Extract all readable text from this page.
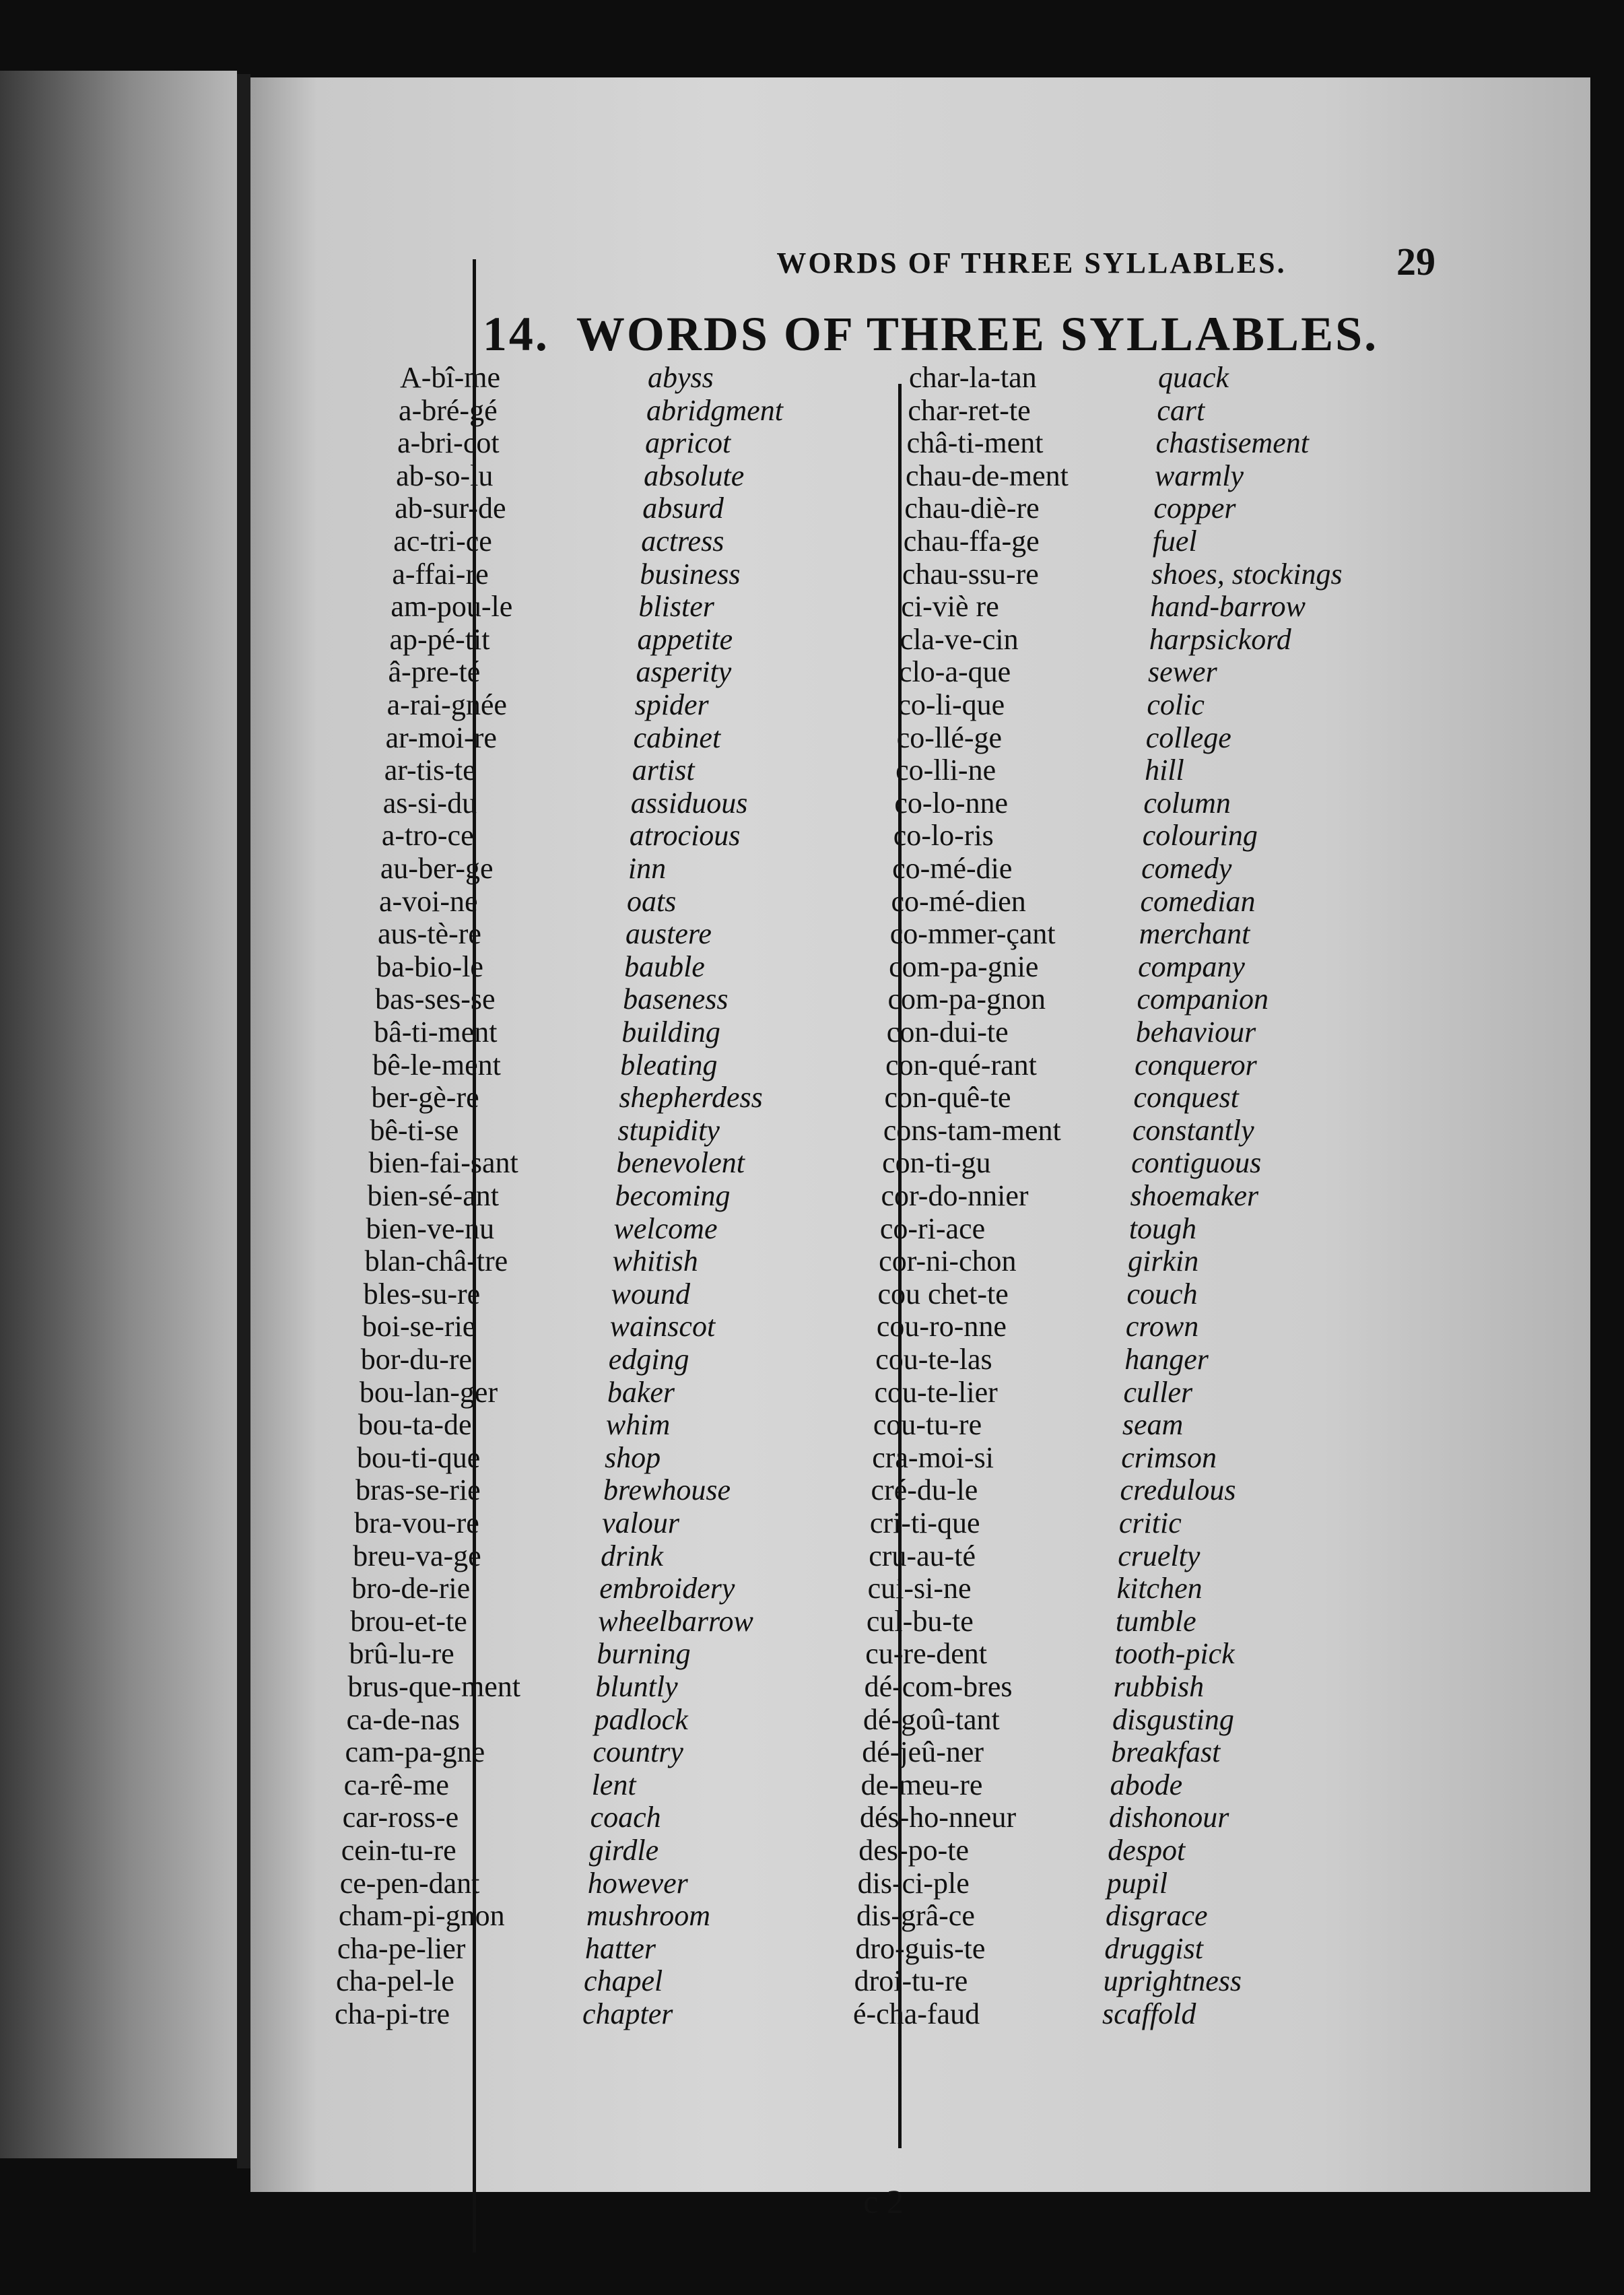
WORDS OF THREE SYLLABLES.	29
14. WORDS OF THREE SYLLABLES.
A-bî-me	abyss
a-bré-gé	abridgment
a-bri-cot	apricot
ab-so-lu	absolute
ab-sur-de	absurd
ac-tri-ce	actress
a-ffai-re	business
am-pou-le	blister
ap-pé-tit	appetite
â-pre-té	asperity
a-rai-gnée	spider
ar-moi-re	cabinet
ar-tis-te	artist
as-si-du	assiduous
a-tro-ce	atrocious
au-ber-ge	inn
a-voi-ne	oats
aus-tè-re	austere
ba-bio-le	bauble
bas-ses-se	baseness
bâ-ti-ment	building
bê-le-ment	bleating
ber-gè-re	shepherdess
bê-ti-se	stupidity
bien-fai-sant	benevolent
bien-sé-ant	becoming
bien-ve-nu	welcome
blan-châ-tre	whitish
bles-su-re	wound
boi-se-rie	wainscot
bor-du-re	edging
bou-lan-ger	baker
bou-ta-de	whim
bou-ti-que	shop
bras-se-rie	brewhouse
bra-vou-re	valour
breu-va-ge	drink
bro-de-rie	embroidery
brou-et-te	wheelbarrow
brû-lu-re	burning
brus-que-ment	bluntly
ca-de-nas	padlock
cam-pa-gne	country
ca-rê-me	lent
car-ross-e	coach
cein-tu-re	girdle
ce-pen-dant	however
cham-pi-gnon	mushroom
cha-pe-lier	hatter
cha-pel-le	chapel
cha-pi-tre	chapter
char-la-tan	quack
char-ret-te	cart
châ-ti-ment	chastisement
chau-de-ment	warmly
chau-diè-re	copper
chau-ffa-ge	fuel
chau-ssu-re	shoes, stockings
ci-viè re	hand-barrow
cla-ve-cin	harpsickord
clo-a-que	sewer
co-li-que	colic
co-llé-ge	college
co-lli-ne	hill
co-lo-nne	column
co-lo-ris	colouring
co-mé-die	comedy
co-mé-dien	comedian
co-mmer-çant	merchant
com-pa-gnie	company
com-pa-gnon	companion
con-dui-te	behaviour
con-qué-rant	conqueror
con-quê-te	conquest
cons-tam-ment	constantly
con-ti-gu	contiguous
cor-do-nnier	shoemaker
co-ri-ace	tough
cor-ni-chon	girkin
cou chet-te	couch
cou-ro-nne	crown
cou-te-las	hanger
cou-te-lier	culler
cou-tu-re	seam
cra-moi-si	crimson
cré-du-le	credulous
cri-ti-que	critic
cru-au-té	cruelty
cui-si-ne	kitchen
cul-bu-te	tumble
cu-re-dent	tooth-pick
dé-com-bres	rubbish
dé-goû-tant	disgusting
dé-jeû-ner	breakfast
de-meu-re	abode
dés-ho-nneur	dishonour
des-po-te	despot
dis-ci-ple	pupil
dis-grâ-ce	disgrace
dro-guis-te	druggist
droi-tu-re	uprightness
é-cha-faud	scaffold
c 2
